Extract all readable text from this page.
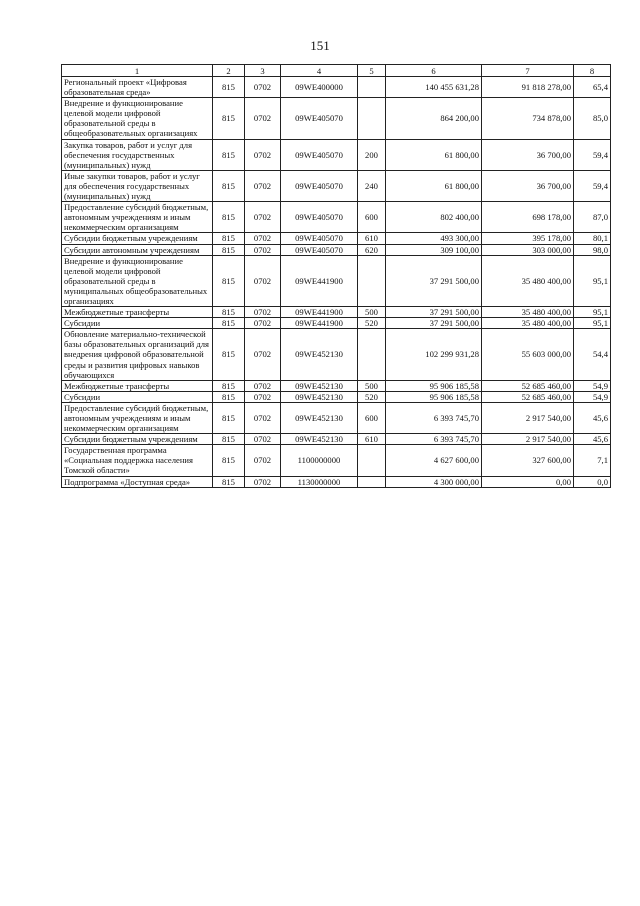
151
1	2	3	4	5	6	7	8
Региональный проект «Цифровая образовательная среда»	815	0702	09WE400000		140 455 631,28	91 818 278,00	65,4
Внедрение и функционирование целевой модели цифровой образовательной среды в общеобразовательных организациях	815	0702	09WE405070		864 200,00	734 878,00	85,0
Закупка товаров, работ и услуг для обеспечения государственных (муниципальных) нужд	815	0702	09WE405070	200	61 800,00	36 700,00	59,4
Иные закупки товаров, работ и услуг для обеспечения государственных (муниципальных) нужд	815	0702	09WE405070	240	61 800,00	36 700,00	59,4
Предоставление субсидий бюджетным, автономным учреждениям и иным некоммерческим организациям	815	0702	09WE405070	600	802 400,00	698 178,00	87,0
Субсидии бюджетным учреждениям	815	0702	09WE405070	610	493 300,00	395 178,00	80,1
Субсидии автономным учреждениям	815	0702	09WE405070	620	309 100,00	303 000,00	98,0
Внедрение и функционирование целевой модели цифровой образовательной среды в муниципальных общеобразовательных организациях	815	0702	09WE441900		37 291 500,00	35 480 400,00	95,1
Межбюджетные трансферты	815	0702	09WE441900	500	37 291 500,00	35 480 400,00	95,1
Субсидии	815	0702	09WE441900	520	37 291 500,00	35 480 400,00	95,1
Обновление материально-технической базы образовательных организаций для внедрения цифровой образовательной среды и развития цифровых навыков обучающихся	815	0702	09WE452130		102 299 931,28	55 603 000,00	54,4
Межбюджетные трансферты	815	0702	09WE452130	500	95 906 185,58	52 685 460,00	54,9
Субсидии	815	0702	09WE452130	520	95 906 185,58	52 685 460,00	54,9
Предоставление субсидий бюджетным, автономным учреждениям и иным некоммерческим организациям	815	0702	09WE452130	600	6 393 745,70	2 917 540,00	45,6
Субсидии бюджетным учреждениям	815	0702	09WE452130	610	6 393 745,70	2 917 540,00	45,6
Государственная программа «Социальная поддержка населения Томской области»	815	0702	1100000000		4 627 600,00	327 600,00	7,1
Подпрограмма «Доступная среда»	815	0702	1130000000		4 300 000,00	0,00	0,0
